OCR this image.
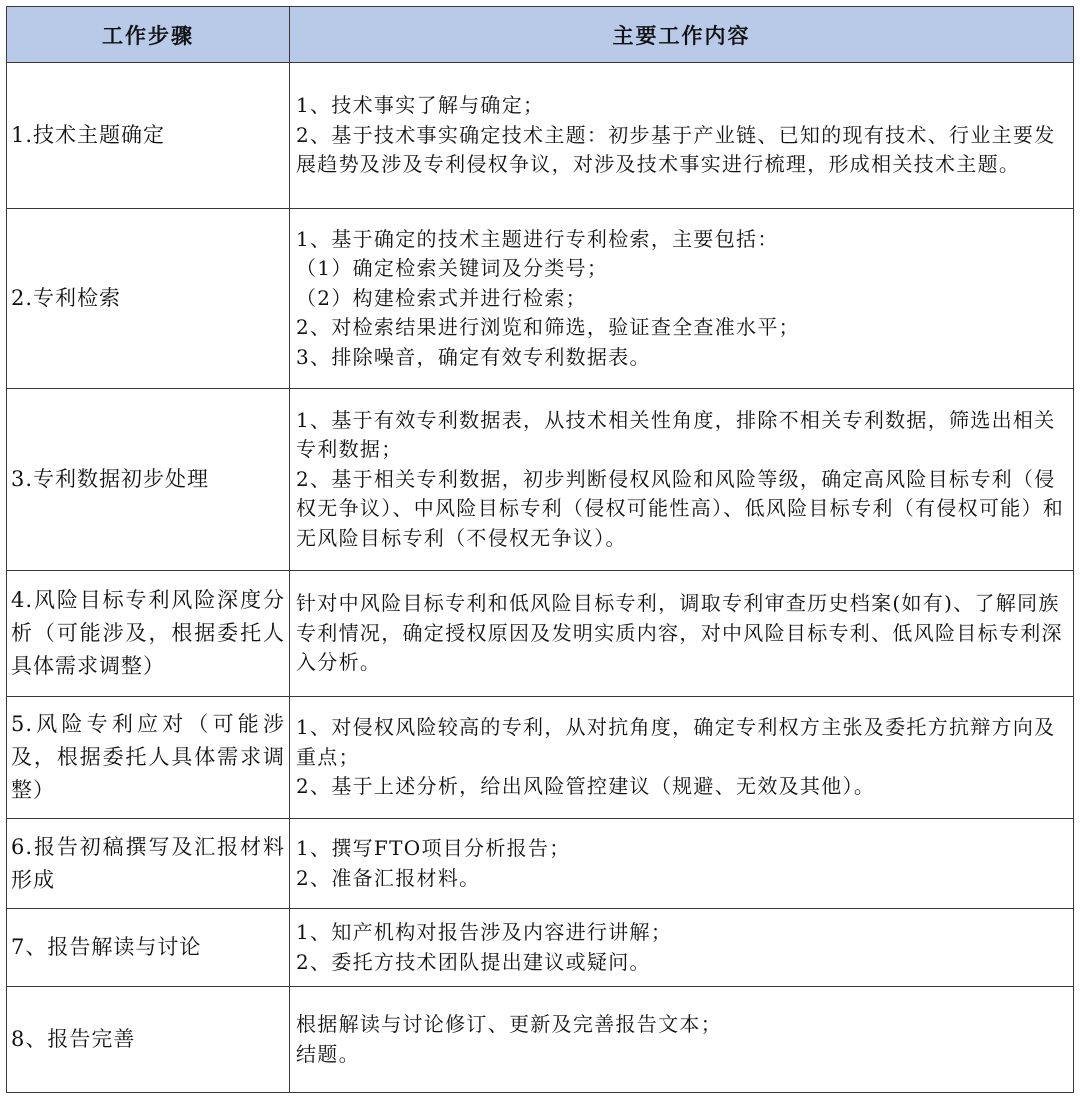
工作步骤	主要工作内容
1.技术主题确定	1、技术事实了解与确定；
2、基于技术事实确定技术主题：初步基于产业链、已知的现有技术、行业主要发展趋势及涉及专利侵权争议，对涉及技术事实进行梳理，形成相关技术主题。

2.专利检索	1、基于确定的技术主题进行专利检索，主要包括：
（1）确定检索关键词及分类号；
（2）构建检索式并进行检索；
2、对检索结果进行浏览和筛选，验证查全查准水平；
3、排除噪音，确定有效专利数据表。

3.专利数据初步处理	1、基于有效专利数据表，从技术相关性角度，排除不相关专利数据，筛选出相关专利数据；
2、基于相关专利数据，初步判断侵权风险和风险等级，确定高风险目标专利（侵权无争议）、中风险目标专利（侵权可能性高）、低风险目标专利（有侵权可能）和无风险目标专利（不侵权无争议）。

4.风险目标专利风险深度分析（可能涉及，根据委托人具体需求调整）	针对中风险目标专利和低风险目标专利，调取专利审查历史档案(如有)、了解同族专利情况，确定授权原因及发明实质内容，对中风险目标专利、低风险目标专利深入分析。

5.风险专利应对（可能涉及，根据委托人具体需求调整）	1、对侵权风险较高的专利，从对抗角度，确定专利权方主张及委托方抗辩方向及重点；
2、基于上述分析，给出风险管控建议（规避、无效及其他）。

6.报告初稿撰写及汇报材料形成	1、撰写FTO项目分析报告；
2、准备汇报材料。

7、报告解读与讨论	1、知产机构对报告涉及内容进行讲解；
2、委托方技术团队提出建议或疑问。

8、报告完善	根据解读与讨论修订、更新及完善报告文本；
结题。
